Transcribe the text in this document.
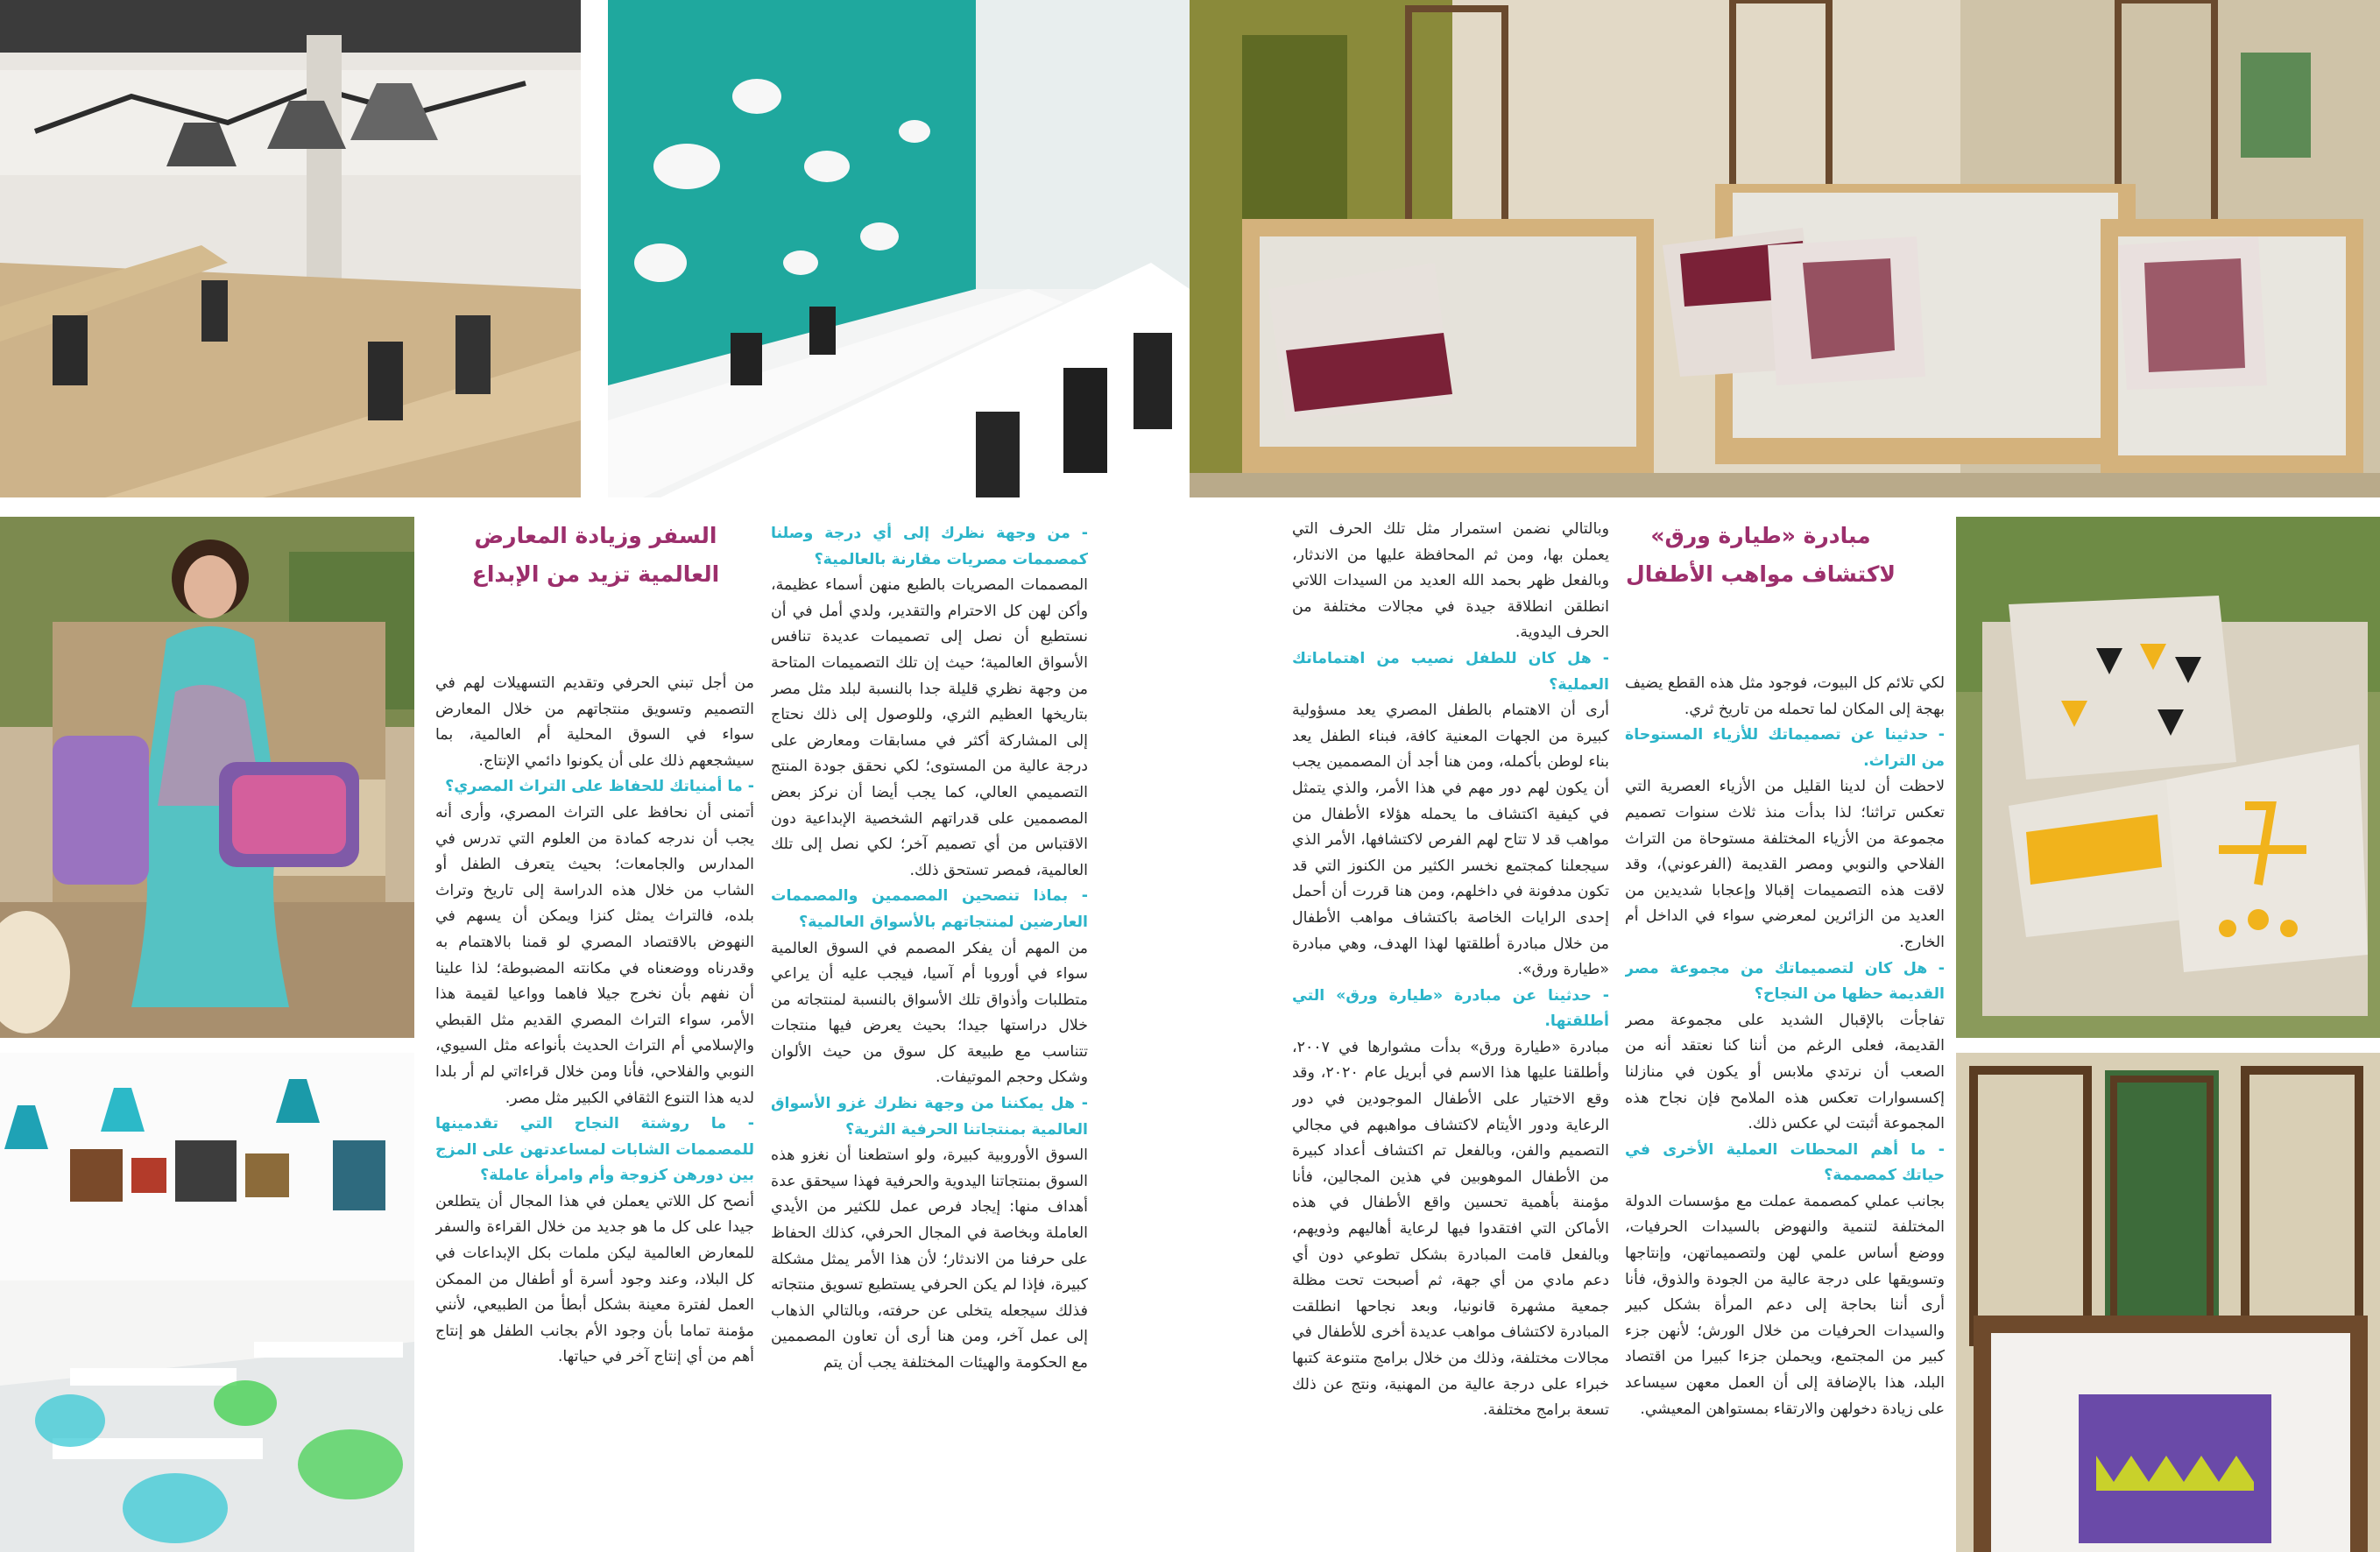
مبادرة «طيارة ورق»
لاكتشاف مواهب الأطفال
السفر وزيادة المعارض
العالمية تزيد من الإبداع

لكي تلائم كل البيوت، فوجود مثل هذه القطع يضيف بهجة إلى المكان لما تحمله من تاريخ ثري.

- حدثينا عن تصميماتك للأزياء المستوحاة من التراث.

لاحظت أن لدينا القليل من الأزياء العصرية التي تعكس تراثنا؛ لذا بدأت منذ ثلاث سنوات تصميم مجموعة من الأزياء المختلفة مستوحاة من التراث الفلاحي والنوبي ومصر القديمة (الفرعوني)، وقد لاقت هذه التصميمات إقبالا وإعجابا شديدين من العديد من الزائرين لمعرضي سواء في الداخل أم الخارج.

- هل كان لتصميماتك من مجموعة مصر القديمة حظها من النجاح؟

تفاجأت بالإقبال الشديد على مجموعة مصر القديمة، فعلى الرغم من أننا كنا نعتقد أنه من الصعب أن نرتدي ملابس أو يكون في منازلنا إكسسوارات تعكس هذه الملامح فإن نجاح هذه المجموعة أثبتت لي عكس ذلك.

- ما أهم المحطات العملية الأخرى في حياتك كمصممة؟

بجانب عملي كمصممة عملت مع مؤسسات الدولة المختلفة لتنمية والنهوض بالسيدات الحرفيات، ووضع أساس علمي لهن ولتصميماتهن، وإنتاجها وتسويقها على درجة عالية من الجودة والذوق، فأنا أرى أننا بحاجة إلى دعم المرأة بشكل كبير والسيدات الحرفيات من خلال الورش؛ لأنهن جزء كبير من المجتمع، ويحملن جزءا كبيرا من اقتصاد البلد، هذا بالإضافة إلى أن العمل معهن سيساعد على زيادة دخولهن والارتقاء بمستواهن المعيشي.

وبالتالي نضمن استمرار مثل تلك الحرف التي يعملن بها، ومن ثم المحافظة عليها من الاندثار، وبالفعل ظهر بحمد الله العديد من السيدات اللاتي انطلقن انطلاقة جيدة في مجالات مختلفة من الحرف اليدوية.

- هل كان للطفل نصيب من اهتماماتك العملية؟

أرى أن الاهتمام بالطفل المصري يعد مسؤولية كبيرة من الجهات المعنية كافة، فبناء الطفل يعد بناء لوطن بأكمله، ومن هنا أجد أن المصممين يجب أن يكون لهم دور مهم في هذا الأمر، والذي يتمثل في كيفية اكتشاف ما يحمله هؤلاء الأطفال من مواهب قد لا تتاح لهم الفرص لاكتشافها، الأمر الذي سيجعلنا كمجتمع نخسر الكثير من الكنوز التي قد تكون مدفونة في داخلهم، ومن هنا قررت أن أحمل إحدى الرايات الخاصة باكتشاف مواهب الأطفال من خلال مبادرة أطلقتها لهذا الهدف، وهي مبادرة «طيارة ورق».

- حدثينا عن مبادرة «طيارة ورق» التي أطلقتها.

مبادرة «طيارة ورق» بدأت مشوارها في ٢٠٠٧، وأطلقنا عليها هذا الاسم في أبريل عام ٢٠٢٠، وقد وقع الاختيار على الأطفال الموجودين في دور الرعاية ودور الأيتام لاكتشاف مواهبهم في مجالي التصميم والفن، وبالفعل تم اكتشاف أعداد كبيرة من الأطفال الموهوبين في هذين المجالين، فأنا مؤمنة بأهمية تحسين واقع الأطفال في هذه الأماكن التي افتقدوا فيها لرعاية أهاليهم وذويهم، وبالفعل قامت المبادرة بشكل تطوعي دون أي دعم مادي من أي جهة، ثم أصبحت تحت مظلة جمعية مشهرة قانونيا، وبعد نجاحها انطلقت المبادرة لاكتشاف مواهب عديدة أخرى للأطفال في مجالات مختلفة، وذلك من خلال برامج متنوعة كتبها خبراء على درجة عالية من المهنية، ونتج عن ذلك تسعة برامج مختلفة.

- من وجهة نظرك إلى أي درجة وصلنا كمصممات مصريات مقارنة بالعالمية؟

المصممات المصريات بالطبع منهن أسماء عظيمة، وأكن لهن كل الاحترام والتقدير، ولدي أمل في أن نستطيع أن نصل إلى تصميمات عديدة تنافس الأسواق العالمية؛ حيث إن تلك التصميمات المتاحة من وجهة نظري قليلة جدا بالنسبة لبلد مثل مصر بتاريخها العظيم الثري، وللوصول إلى ذلك نحتاج إلى المشاركة أكثر في مسابقات ومعارض على درجة عالية من المستوى؛ لكي نحقق جودة المنتج التصميمي العالي، كما يجب أيضا أن نركز بعض المصممين على قدراتهم الشخصية الإبداعية دون الاقتباس من أي تصميم آخر؛ لكي نصل إلى تلك العالمية، فمصر تستحق ذلك.

- بماذا تنصحين المصممين والمصممات العارضين لمنتجاتهم بالأسواق العالمية؟

من المهم أن يفكر المصمم في السوق العالمية سواء في أوروبا أم آسيا، فيجب عليه أن يراعي متطلبات وأذواق تلك الأسواق بالنسبة لمنتجاته من خلال دراستها جيدا؛ بحيث يعرض فيها منتجات تتناسب مع طبيعة كل سوق من حيث الألوان وشكل وحجم الموتيفات.

- هل يمكننا من وجهة نظرك غزو الأسواق العالمية بمنتجاتنا الحرفية الثرية؟

السوق الأوروبية كبيرة، ولو استطعنا أن نغزو هذه السوق بمنتجاتنا اليدوية والحرفية فهذا سيحقق عدة أهداف منها: إيجاد فرص عمل للكثير من الأيدي العاملة وبخاصة في المجال الحرفي، كذلك الحفاظ على حرفنا من الاندثار؛ لأن هذا الأمر يمثل مشكلة كبيرة، فإذا لم يكن الحرفي يستطيع تسويق منتجاته فذلك سيجعله يتخلى عن حرفته، وبالتالي الذهاب إلى عمل آخر، ومن هنا أرى أن تعاون المصممين مع الحكومة والهيئات المختلفة يجب أن يتم

من أجل تبني الحرفي وتقديم التسهيلات لهم في التصميم وتسويق منتجاتهم من خلال المعارض سواء في السوق المحلية أم العالمية، بما سيشجعهم ذلك على أن يكونوا دائمي الإنتاج.

- ما أمنياتك للحفاظ على التراث المصري؟

أتمنى أن نحافظ على التراث المصري، وأرى أنه يجب أن ندرجه كمادة من العلوم التي تدرس في المدارس والجامعات؛ بحيث يتعرف الطفل أو الشاب من خلال هذه الدراسة إلى تاريخ وتراث بلده، فالتراث يمثل كنزا ويمكن أن يسهم في النهوض بالاقتصاد المصري لو قمنا بالاهتمام به وقدرناه ووضعناه في مكانته المضبوطة؛ لذا علينا أن نفهم بأن نخرج جيلا فاهما وواعيا لقيمة هذا الأمر، سواء التراث المصري القديم مثل القبطي والإسلامي أم التراث الحديث بأنواعه مثل السيوي، النوبي والفلاحي، فأنا ومن خلال قراءاتي لم أر بلدا لديه هذا التنوع الثقافي الكبير مثل مصر.

- ما روشتة النجاح التي تقدمينها للمصممات الشابات لمساعدتهن على المزج بين دورهن كزوجة وأم وامرأة عاملة؟

أنصح كل اللاتي يعملن في هذا المجال أن يتطلعن جيدا على كل ما هو جديد من خلال القراءة والسفر للمعارض العالمية ليكن ملمات بكل الإبداعات في كل البلاد، وعند وجود أسرة أو أطفال من الممكن العمل لفترة معينة بشكل أبطأ من الطبيعي، لأنني مؤمنة تماما بأن وجود الأم بجانب الطفل هو إنتاج أهم من أي إنتاج آخر في حياتها.
